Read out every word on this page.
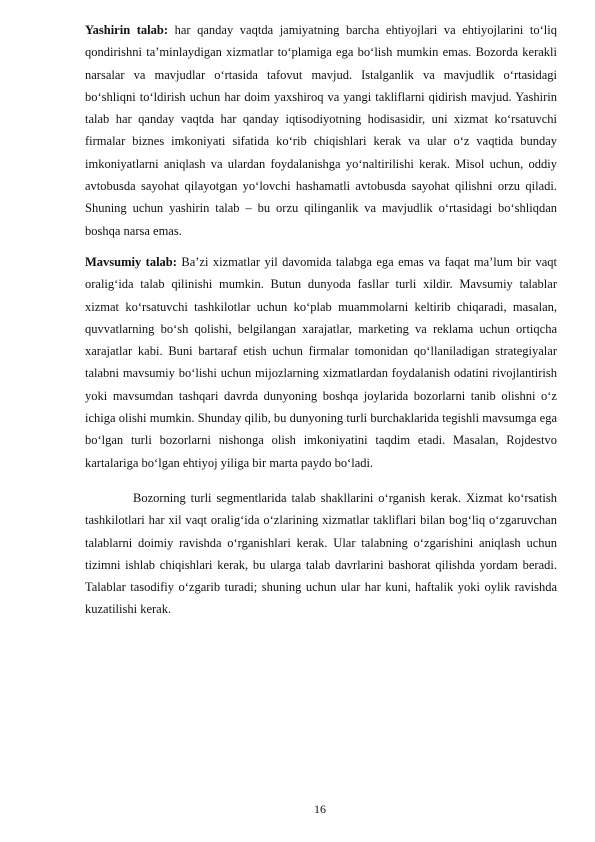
Yashirin talab: har qanday vaqtda jamiyatning barcha ehtiyojlari va ehtiyojlarini to‘liq qondirishni ta’minlaydigan xizmatlar to‘plamiga ega bo‘lish mumkin emas. Bozorda kerakli narsalar va mavjudlar o‘rtasida tafovut mavjud. Istalganlik va mavjudlik o‘rtasidagi bo‘shliqni to‘ldirish uchun har doim yaxshiroq va yangi takliflarni qidirish mavjud. Yashirin talab har qanday vaqtda har qanday iqtisodiyotning hodisasidir, uni xizmat ko‘rsatuvchi firmalar biznes imkoniyati sifatida ko‘rib chiqishlari kerak va ular o‘z vaqtida bunday imkoniyatlarni aniqlash va ulardan foydalanishga yo‘naltirilishi kerak. Misol uchun, oddiy avtobusda sayohat qilayotgan yo‘lovchi hashamatli avtobusda sayohat qilishni orzu qiladi. Shuning uchun yashirin talab – bu orzu qilinganlik va mavjudlik o‘rtasidagi bo‘shliqdan boshqa narsa emas.

Mavsumiy talab: Ba’zi xizmatlar yil davomida talabga ega emas va faqat ma’lum bir vaqt oralig‘ida talab qilinishi mumkin. Butun dunyoda fasllar turli xildir. Mavsumiy talablar xizmat ko‘rsatuvchi tashkilotlar uchun ko‘plab muammolarni keltirib chiqaradi, masalan, quvvatlarning bo‘sh qolishi, belgilangan xarajatlar, marketing va reklama uchun ortiqcha xarajatlar kabi. Buni bartaraf etish uchun firmalar tomonidan qo‘llaniladigan strategiyalar talabni mavsumiy bo‘lishi uchun mijozlarning xizmatlardan foydalanish odatini rivojlantirish yoki mavsumdan tashqari davrda dunyoning boshqa joylarida bozorlarni tanib olishni o‘z ichiga olishi mumkin. Shunday qilib, bu dunyoning turli burchaklarida tegishli mavsumga ega bo‘lgan turli bozorlarni nishonga olish imkoniyatini taqdim etadi. Masalan, Rojdestvo kartalariga bo‘lgan ehtiyoj yiliga bir marta paydo bo‘ladi.

Bozorning turli segmentlarida talab shakllarini o‘rganish kerak. Xizmat ko‘rsatish tashkilotlari har xil vaqt oralig‘ida o‘zlarining xizmatlar takliflari bilan bog‘liq o‘zgaruvchan talablarni doimiy ravishda o‘rganishlari kerak. Ular talabning o‘zgarishini aniqlash uchun tizimni ishlab chiqishlari kerak, bu ularga talab davrlarini bashorat qilishda yordam beradi. Talablar tasodifiy o‘zgarib turadi; shuning uchun ular har kuni, haftalik yoki oylik ravishda kuzatilishi kerak.

16
